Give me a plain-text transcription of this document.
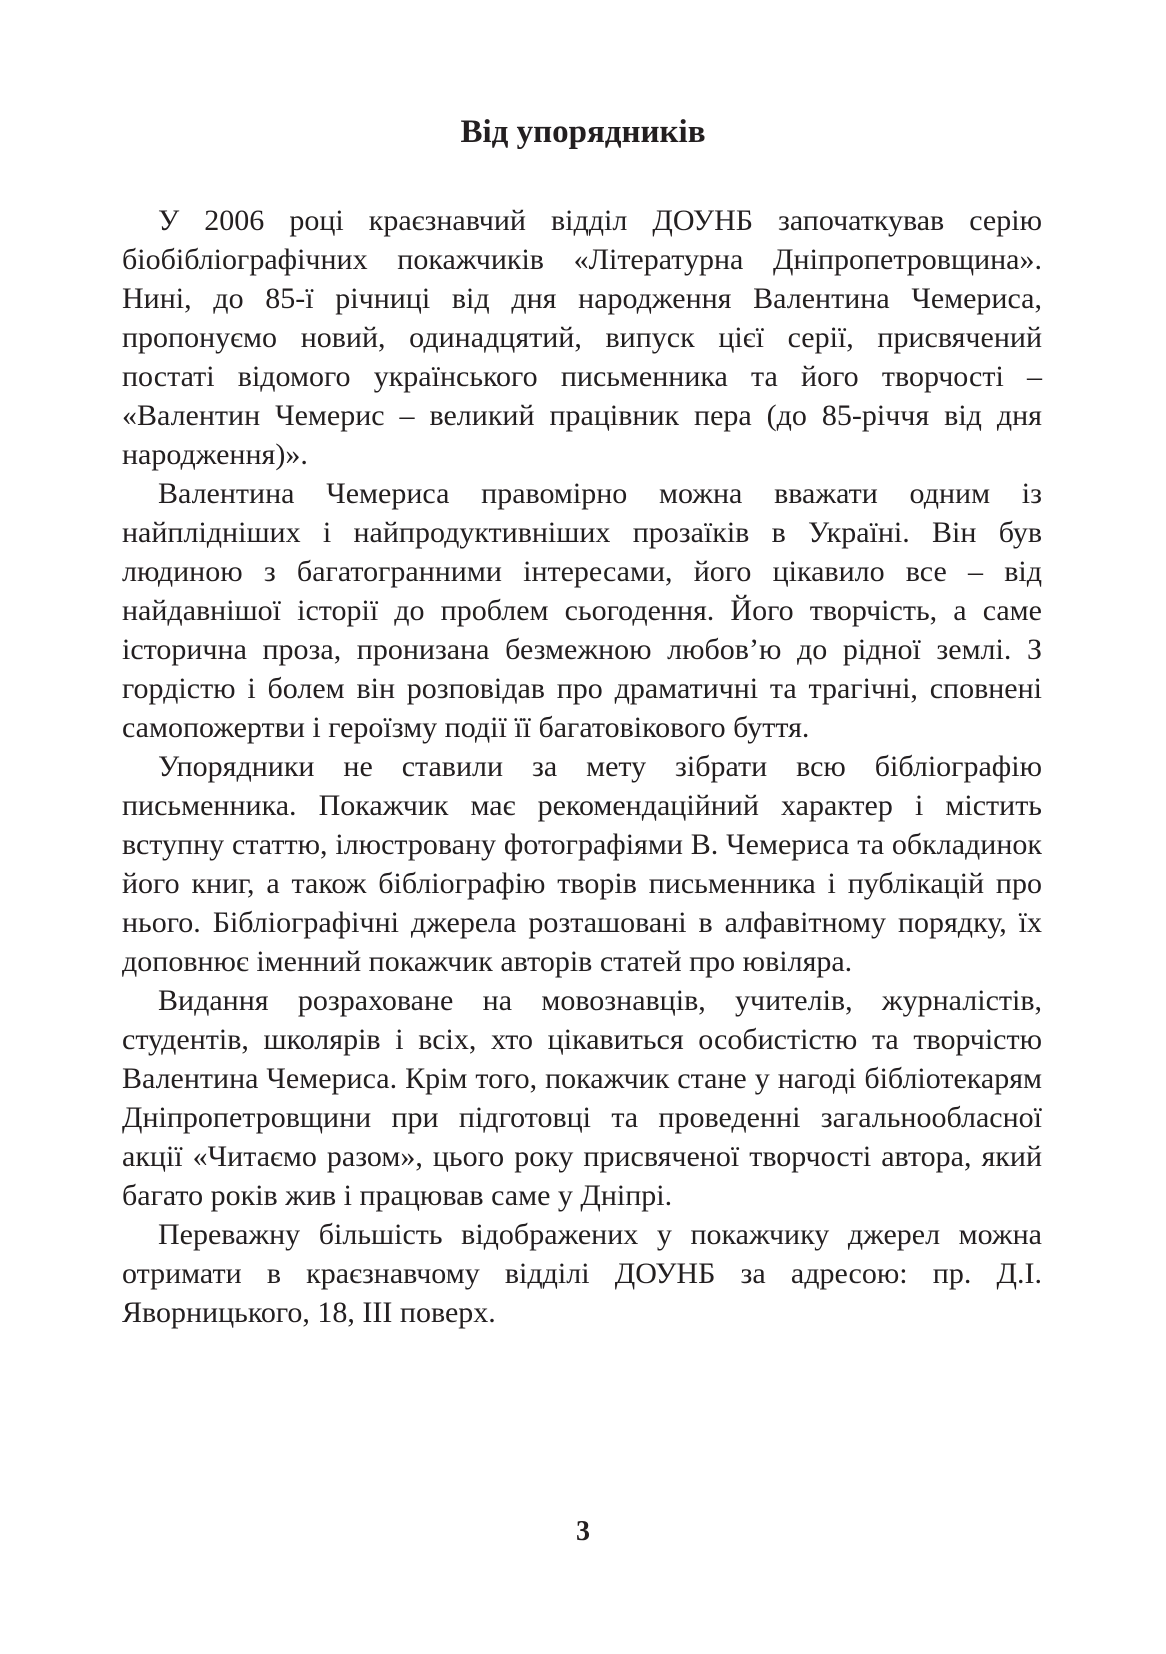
Від упорядників

У 2006 році краєзнавчий відділ ДОУНБ започаткував серію біобібліографічних покажчиків «Літературна Дніпропетровщина». Нині, до 85-ї річниці від дня народження Валентина Чемериса, пропонуємо новий, одинадцятий, випуск цієї серії, присвячений постаті відомого українського письменника та його творчості – «Валентин Чемерис – великий працівник пера (до 85-річчя від дня народження)».

Валентина Чемериса правомірно можна вважати одним із найплідніших і найпродуктивніших прозаїків в Україні. Він був людиною з багатогранними інтересами, його цікавило все – від найдавнішої історії до проблем сьогодення. Його творчість, а саме історична проза, пронизана безмежною любов’ю до рідної землі. З гордістю і болем він розповідав про драматичні та трагічні, сповнені самопожертви і героїзму події її багатовікового буття.

Упорядники не ставили за мету зібрати всю бібліографію письменника. Покажчик має рекомендаційний характер і містить вступну статтю, ілюстровану фотографіями В. Чемериса та обкладинок його книг, а також бібліографію творів письменника і публікацій про нього. Бібліографічні джерела розташовані в алфавітному порядку, їх доповнює іменний покажчик авторів статей про ювіляра.

Видання розраховане на мовознавців, учителів, журналістів, студентів, школярів і всіх, хто цікавиться особистістю та творчістю Валентина Чемериса. Крім того, покажчик стане у нагоді бібліотекарям Дніпропетровщини при підготовці та проведенні загальнообласної акції «Читаємо разом», цього року присвяченої творчості автора, який багато років жив і працював саме у Дніпрі.

Переважну більшість відображених у покажчику джерел можна отримати в краєзнавчому відділі ДОУНБ за адресою: пр. Д.І. Яворницького, 18, ІІІ поверх.

3
